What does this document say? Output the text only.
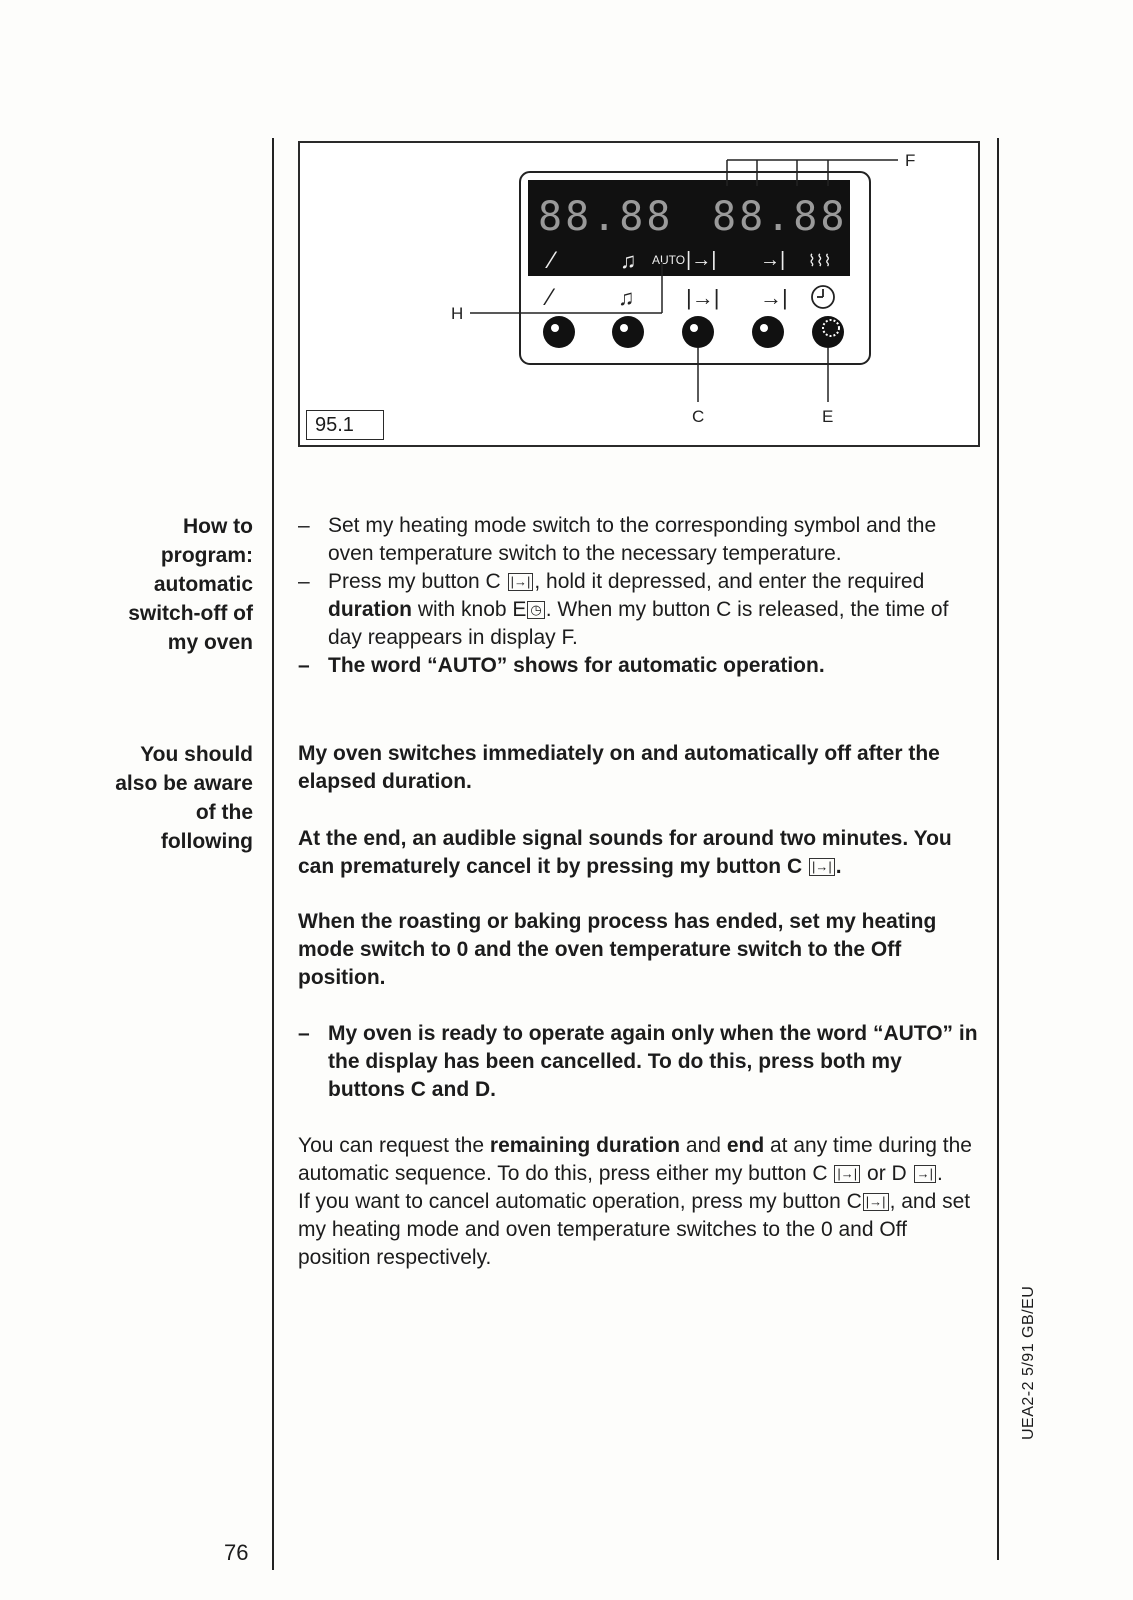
88.88 88.88
⁄	♫ AUTO |→| →| ⌇⌇⌇
F
⁄	♫ |→| →|
H
C	E
95.1
How to
program:
automatic
switch-off of
my oven
You should
also be aware
of the
following
– Set my heating mode switch to the corresponding symbol and the oven temperature switch to the necessary temperature.
– Press my button C |→| , hold it depressed, and enter the required duration with knob E ◷ . When my button C is released, the time of day reappears in display F.
– The word “AUTO” shows for automatic operation.
My oven switches immediately on and automatically off after the elapsed duration.
At the end, an audible signal sounds for around two minutes. You can prematurely cancel it by pressing my button C |→| .
When the roasting or baking process has ended, set my heating mode switch to 0 and the oven temperature switch to the Off position.
– My oven is ready to operate again only when the word “AUTO” in the display has been cancelled. To do this, press both my buttons C and D.
You can request the remaining duration and end at any time during the automatic sequence. To do this, press either my button C |→| or D →| .
If you want to cancel automatic operation, press my button C |→| , and set my heating mode and oven temperature switches to the 0 and Off position respectively.
76
UEA2-2 5/91 GB/EU
